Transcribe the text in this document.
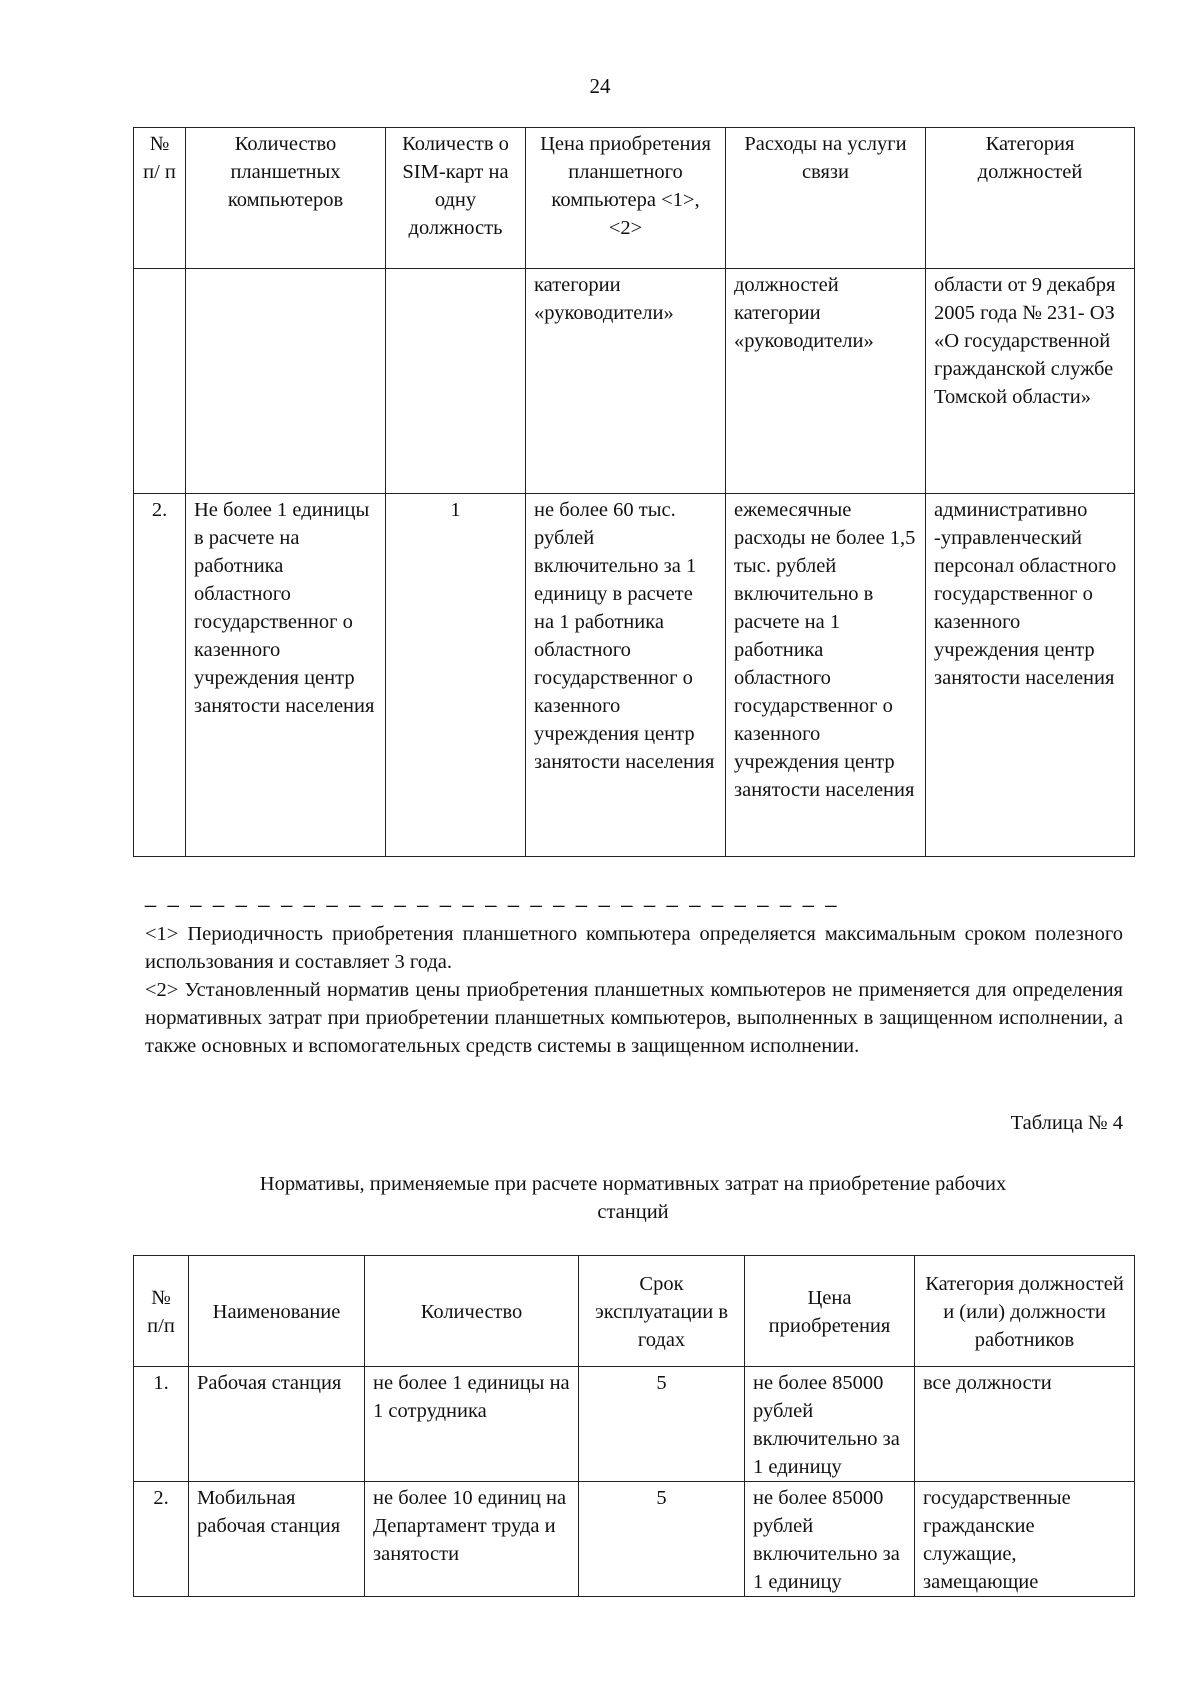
24
№ п/ п	Количество планшетных компьютеров	Количеств о SIM-карт на одну должность	Цена приобретения планшетного компьютера <1>, <2>	Расходы на услуги связи	Категория должностей
			категории «руководители»	должностей категории «руководители»	области от 9 декабря 2005 года № 231- ОЗ «О государственной гражданской службе Томской области»
2.	Не более 1 единицы в расчете на работника областного государственног о казенного учреждения центр занятости населения	1	не более 60 тыс. рублей включительно за 1 единицу в расчете на 1 работника областного государственног о казенного учреждения центр занятости населения	ежемесячные расходы не более 1,5 тыс. рублей включительно в расчете на 1 работника областного государственног о казенного учреждения центр занятости населения	административно -управленческий персонал областного государственног о казенного учреждения центр занятости населения
_ _ _ _ _ _ _ _ _ _ _ _ _ _ _ _ _ _ _ _ _ _ _ _ _ _ _ _ _ _ _
<1> Периодичность приобретения планшетного компьютера определяется максимальным сроком полезного использования и составляет 3 года.
<2> Установленный норматив цены приобретения планшетных компьютеров не применяется для определения нормативных затрат при приобретении планшетных компьютеров, выполненных в защищенном исполнении, а также основных и вспомогательных средств системы в защищенном исполнении.
Таблица № 4
Нормативы, применяемые при расчете нормативных затрат на приобретение рабочих станций
№ п/п	Наименование	Количество	Срок эксплуатации в годах	Цена приобретения	Категория должностей и (или) должности работников
1.	Рабочая станция	не более 1 единицы на 1 сотрудника	5	не более 85000 рублей включительно за 1 единицу	все должности
2.	Мобильная рабочая станция	не более 10 единиц на Департамент труда и занятости	5	не более 85000 рублей включительно за 1 единицу	государственные гражданские служащие, замещающие
